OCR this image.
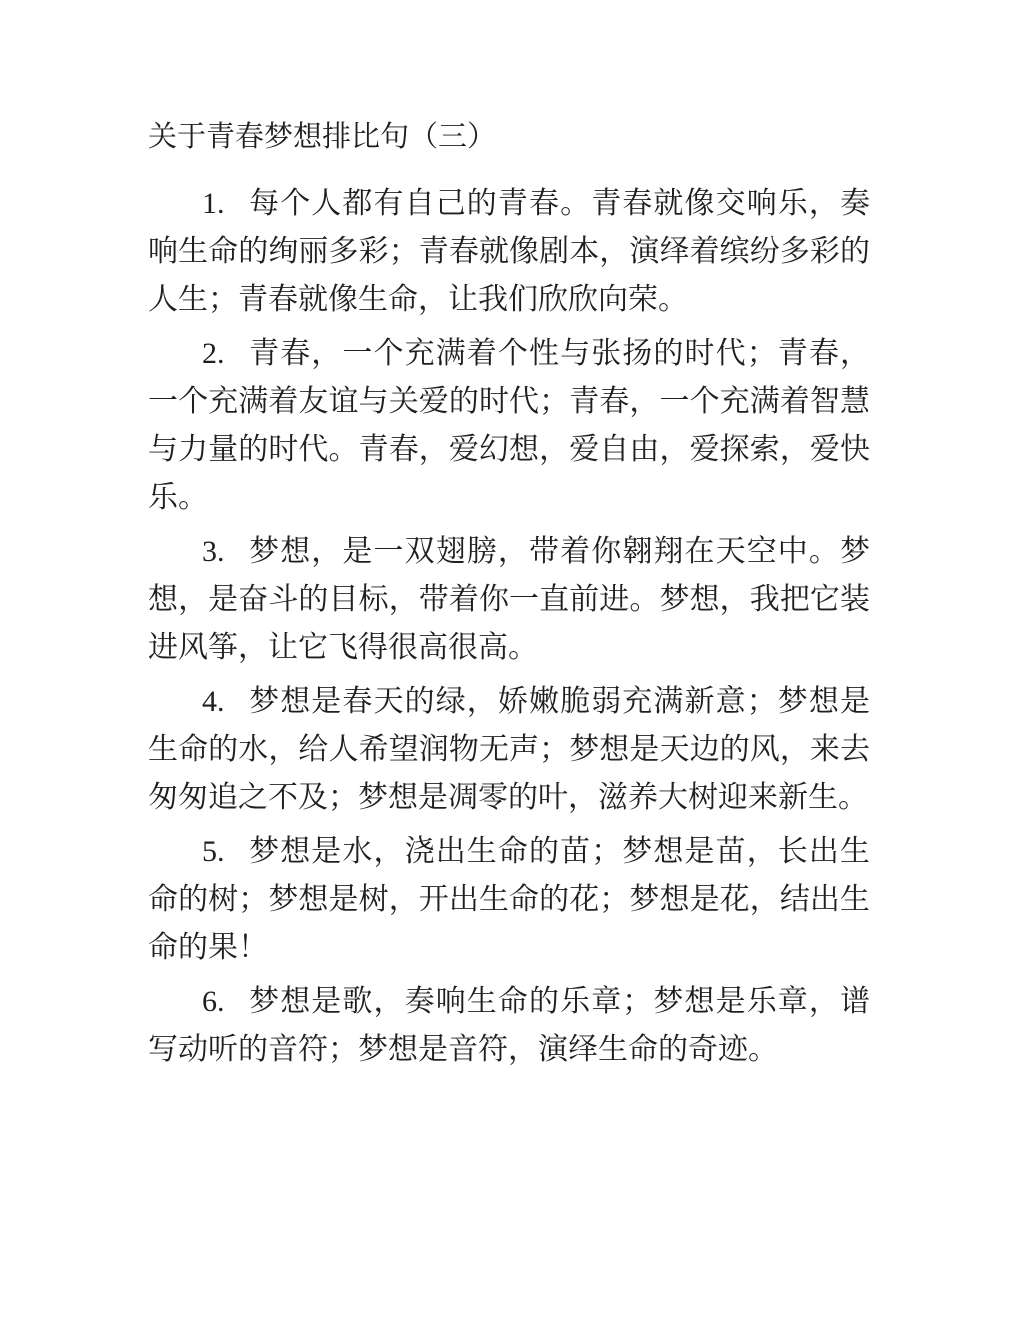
关于青春梦想排比句（三）

1. 每个人都有自己的青春。青春就像交响乐，奏响生命的绚丽多彩；青春就像剧本，演绎着缤纷多彩的人生；青春就像生命，让我们欣欣向荣。

2. 青春，一个充满着个性与张扬的时代；青春，一个充满着友谊与关爱的时代；青春，一个充满着智慧与力量的时代。青春，爱幻想，爱自由，爱探索，爱快乐。

3. 梦想，是一双翅膀，带着你翱翔在天空中。梦想，是奋斗的目标，带着你一直前进。梦想，我把它装进风筝，让它飞得很高很高。

4. 梦想是春天的绿，娇嫩脆弱充满新意；梦想是生命的水，给人希望润物无声；梦想是天边的风，来去匆匆追之不及；梦想是凋零的叶，滋养大树迎来新生。

5. 梦想是水，浇出生命的苗；梦想是苗，长出生命的树；梦想是树，开出生命的花；梦想是花，结出生命的果！

6. 梦想是歌，奏响生命的乐章；梦想是乐章，谱写动听的音符；梦想是音符，演绎生命的奇迹。
